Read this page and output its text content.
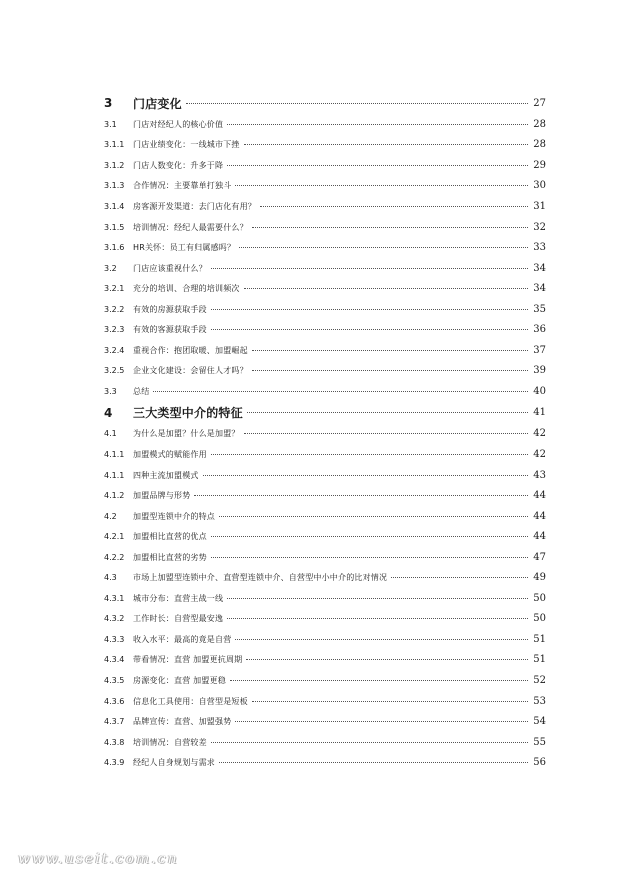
3	门店变化	27
3.1	门店对经纪人的核心价值	28
3.1.1	门店业绩变化：一线城市下挫	28
3.1.2	门店人数变化：升多于降	29
3.1.3	合作情况：主要靠单打独斗	30
3.1.4	房客源开发渠道：去门店化有用？	31
3.1.5	培训情况：经纪人最需要什么？	32
3.1.6	HR关怀：员工有归属感吗？	33
3.2	门店应该重视什么？	34
3.2.1	充分的培训、合理的培训频次	34
3.2.2	有效的房源获取手段	35
3.2.3	有效的客源获取手段	36
3.2.4	重视合作：抱团取暖、加盟崛起	37
3.2.5	企业文化建设：会留住人才吗？	39
3.3	总结	40
4	三大类型中介的特征	41
4.1	为什么是加盟？什么是加盟？	42
4.1.1	加盟模式的赋能作用	42
4.1.1	四种主流加盟模式	43
4.1.2	加盟品牌与形势	44
4.2	加盟型连锁中介的特点	44
4.2.1	加盟相比直营的优点	44
4.2.2	加盟相比直营的劣势	47
4.3	市场上加盟型连锁中介、直营型连锁中介、自营型中小中介的比对情况	49
4.3.1	城市分布：直营主战一线	50
4.3.2	工作时长：自营型最安逸	50
4.3.3	收入水平：最高的竟是自营	51
4.3.4	带看情况：直营 加盟更抗周期	51
4.3.5	房源变化：直营 加盟更稳	52
4.3.6	信息化工具使用：自营型是短板	53
4.3.7	品牌宣传：直营、加盟强势	54
4.3.8	培训情况：自营较差	55
4.3.9	经纪人自身规划与需求	56
www.useit.com.cn
